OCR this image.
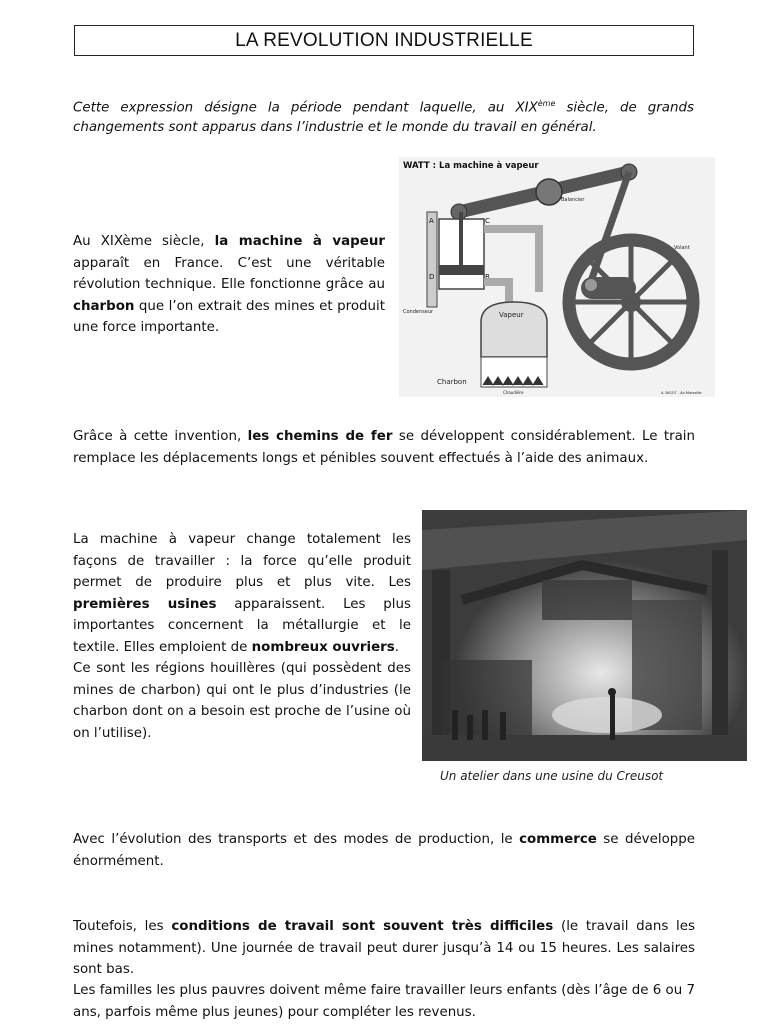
LA REVOLUTION INDUSTRIELLE
Cette expression désigne la période pendant laquelle, au XIXème siècle, de grands changements sont apparus dans l’industrie et le monde du travail en général.
Au XIXème siècle, la machine à vapeur apparaît en France. C’est une véritable révolution technique. Elle fonctionne grâce au charbon que l’on extrait des mines et produit une force importante.
WATT : La machine à vapeur
Balancier
Volant
A	C
D	B
Condenseur	Vapeur
Charbon
Chaudière	A. BIGOT - Air-Marseille
Grâce à cette invention, les chemins de fer se développent considérablement. Le train remplace les déplacements longs et pénibles souvent effectués à l’aide des animaux.
La machine à vapeur change totalement les façons de travailler : la force qu’elle produit permet de produire plus et plus vite. Les premières usines apparaissent. Les plus importantes concernent la métallurgie et le textile. Elles emploient de nombreux ouvriers.
Ce sont les régions houillères (qui possèdent des mines de charbon) qui ont le plus d’industries (le charbon dont on a besoin est proche de l’usine où on l’utilise).
Un atelier dans une usine du Creusot
Avec l’évolution des transports et des modes de production, le commerce se développe énormément.
Toutefois, les conditions de travail sont souvent très difficiles (le travail dans les mines notamment). Une journée de travail peut durer jusqu’à 14 ou 15 heures. Les salaires sont bas.
Les familles les plus pauvres doivent même faire travailler leurs enfants (dès l’âge de 6 ou 7 ans, parfois même plus jeunes) pour compléter les revenus.
